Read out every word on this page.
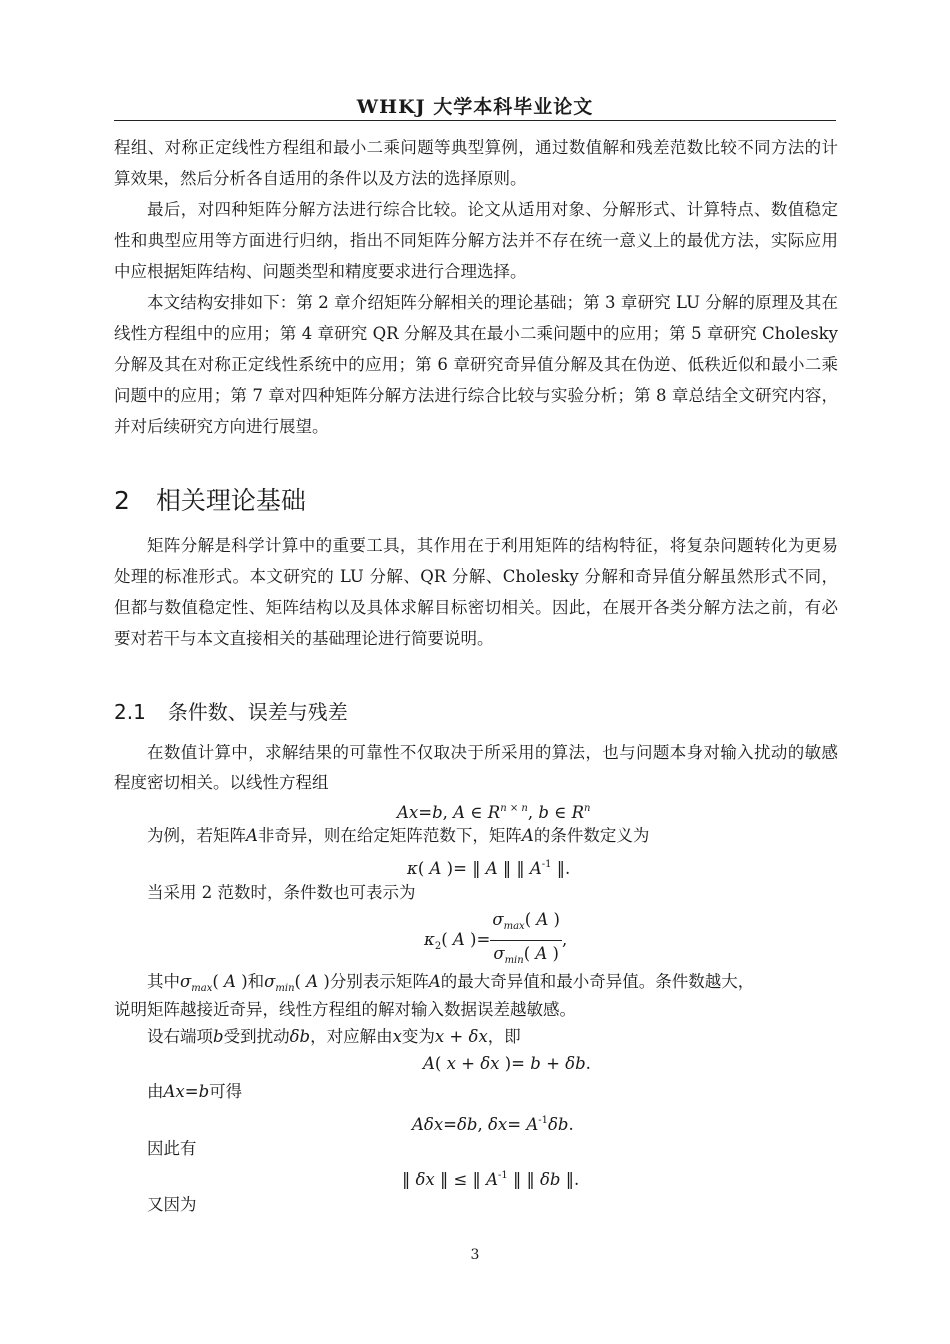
WHKJ 大学本科毕业论文

程组、对称正定线性方程组和最小二乘问题等典型算例，通过数值解和残差范数比较不同方法的计算效果，然后分析各自适用的条件以及方法的选择原则。

最后，对四种矩阵分解方法进行综合比较。论文从适用对象、分解形式、计算特点、数值稳定性和典型应用等方面进行归纳，指出不同矩阵分解方法并不存在统一意义上的最优方法，实际应用中应根据矩阵结构、问题类型和精度要求进行合理选择。

本文结构安排如下：第 2 章介绍矩阵分解相关的理论基础；第 3 章研究 LU 分解的原理及其在线性方程组中的应用；第 4 章研究 QR 分解及其在最小二乘问题中的应用；第 5 章研究 Cholesky 分解及其在对称正定线性系统中的应用；第 6 章研究奇异值分解及其在伪逆、低秩近似和最小二乘问题中的应用；第 7 章对四种矩阵分解方法进行综合比较与实验分析；第 8 章总结全文研究内容，并对后续研究方向进行展望。

2 相关理论基础

矩阵分解是科学计算中的重要工具，其作用在于利用矩阵的结构特征，将复杂问题转化为更易处理的标准形式。本文研究的 LU 分解、QR 分解、Cholesky 分解和奇异值分解虽然形式不同，但都与数值稳定性、矩阵结构以及具体求解目标密切相关。因此，在展开各类分解方法之前，有必要对若干与本文直接相关的基础理论进行简要说明。

2.1 条件数、误差与残差

在数值计算中，求解结果的可靠性不仅取决于所采用的算法，也与问题本身对输入扰动的敏感程度密切相关。以线性方程组

Ax=b, A ∈ $R^{n \times n}$, b ∈ $R^n$
为例，若矩阵A非奇异，则在给定矩阵范数下，矩阵A的条件数定义为
κ( A )= ‖ A ‖ ‖ $A^{-1}$ ‖.
当采用 2 范数时，条件数也可表示为
$\kappa_2$( A )= $\frac{\sigma_{max}( A )}{\sigma_{min}( A )}$ ,
其中$\sigma_{max}$( A )和$\sigma_{min}$( A )分别表示矩阵A的最大奇异值和最小奇异值。条件数越大，
说明矩阵越接近奇异，线性方程组的解对输入数据误差越敏感。
设右端项b受到扰动δb，对应解由x变为x + δx，即
A( x + δx )= b + δb.
由Ax=b可得
Aδx=δb, $\delta x= A^{-1}\delta b$.
因此有
‖ δx ‖ ≤ ‖ $A^{-1}$ ‖ ‖ δb ‖.
又因为
3
